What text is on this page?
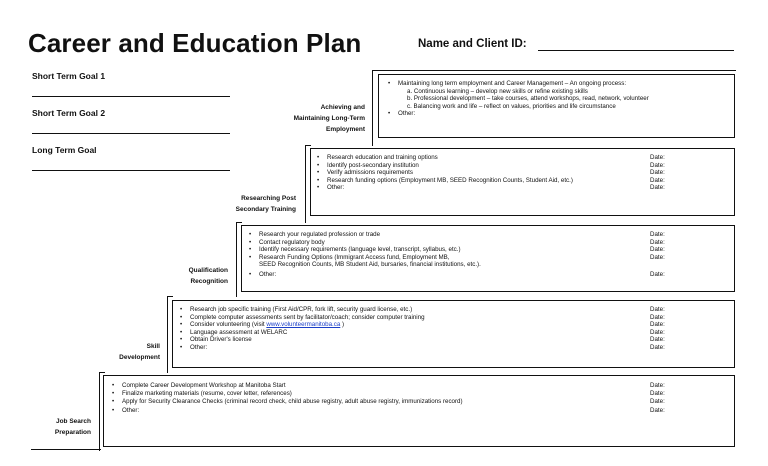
Career and Education Plan	Name and Client ID:
Short Term Goal 1
Short Term Goal 2
Long Term Goal
Achieving and
Maintaining Long-Term
Employment
Researching Post
Secondary Training
Qualification
Recognition
Skill
Development
Job Search
Preparation
• Maintaining long term employment and Career Management – An ongoing process:
a. Continuous learning – develop new skills or refine existing skills
b. Professional development – take courses, attend workshops, read, network, volunteer
c. Balancing work and life – reflect on values, priorities and life circumstance
• Other:
• Research education and training options	Date:
• Identify post-secondary institution	Date:
• Verify admissions requirements	Date:
• Research funding options (Employment MB, SEED Recognition Counts, Student Aid, etc.)	Date:
• Other:	Date:
• Research your regulated profession or trade	Date:
• Contact regulatory body	Date:
• Identify necessary requirements (language level, transcript, syllabus, etc.)	Date:
• Research Funding Options (Immigrant Access fund, Employment MB,	Date:
SEED Recognition Counts, MB Student Aid, bursaries, financial institutions, etc.).
• Other:	Date:
• Research job specific training (First Aid/CPR, fork lift, security guard license, etc.)	Date:
• Complete computer assessments sent by facilitator/coach; consider computer training	Date:
• Consider volunteering (visit www.volunteermanitoba.ca )	Date:
• Language assessment at WELARC	Date:
• Obtain Driver's license	Date:
• Other:	Date:
• Complete Career Development Workshop at Manitoba Start	Date:
• Finalize marketing materials (resume, cover letter, references)	Date:
• Apply for Security Clearance Checks (criminal record check, child abuse registry, adult abuse registry, immunizations record)	Date:
• Other:	Date:
